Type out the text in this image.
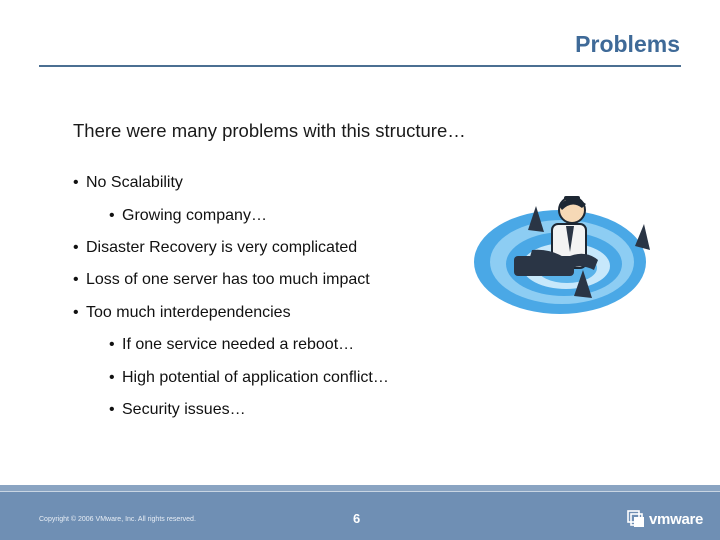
Problems
There were many problems with this structure…
• No Scalability
• Growing company…
• Disaster Recovery is very complicated
• Loss of one server has too much impact
• Too much interdependencies
• If one service needed a reboot…
• High potential of application conflict…
• Security issues…
Copyright © 2006 VMware, Inc. All rights reserved.	6	vmware
